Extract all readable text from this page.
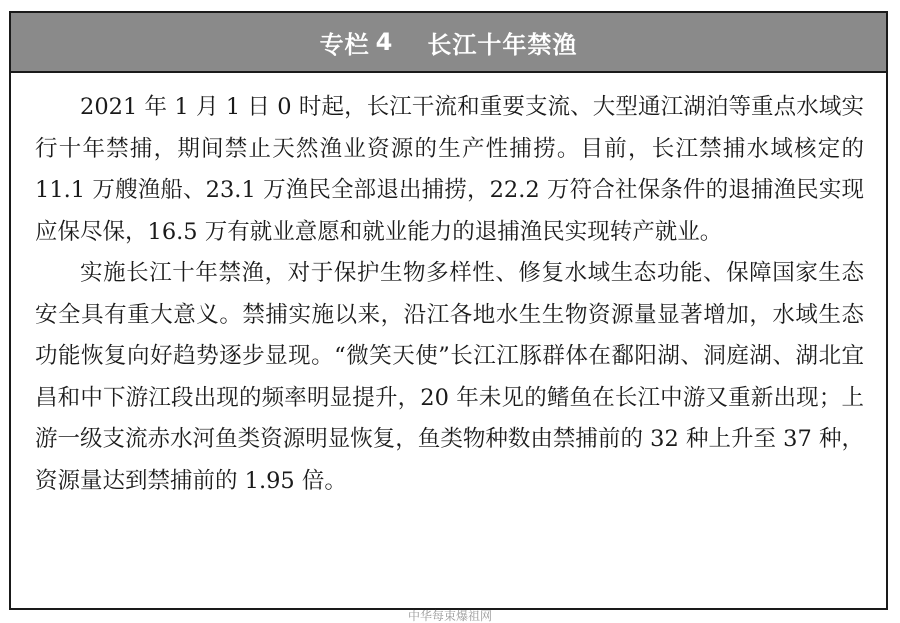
专栏 4 长江十年禁渔

2021 年 1 月 1 日 0 时起，长江干流和重要支流、大型通江湖泊等重点水域实行十年禁捕，期间禁止天然渔业资源的生产性捕捞。目前，长江禁捕水域核定的 11.1 万艘渔船、23.1 万渔民全部退出捕捞，22.2 万符合社保条件的退捕渔民实现应保尽保，16.5 万有就业意愿和就业能力的退捕渔民实现转产就业。

实施长江十年禁渔，对于保护生物多样性、修复水域生态功能、保障国家生态安全具有重大意义。禁捕实施以来，沿江各地水生生物资源量显著增加，水域生态功能恢复向好趋势逐步显现。“微笑天使”长江江豚群体在鄱阳湖、洞庭湖、湖北宜昌和中下游江段出现的频率明显提升，20 年未见的鳍鱼在长江中游又重新出现；上游一级支流赤水河鱼类资源明显恢复，鱼类物种数由禁捕前的 32 种上升至 37 种，资源量达到禁捕前的 1.95 倍。

中华每束爆祖网
